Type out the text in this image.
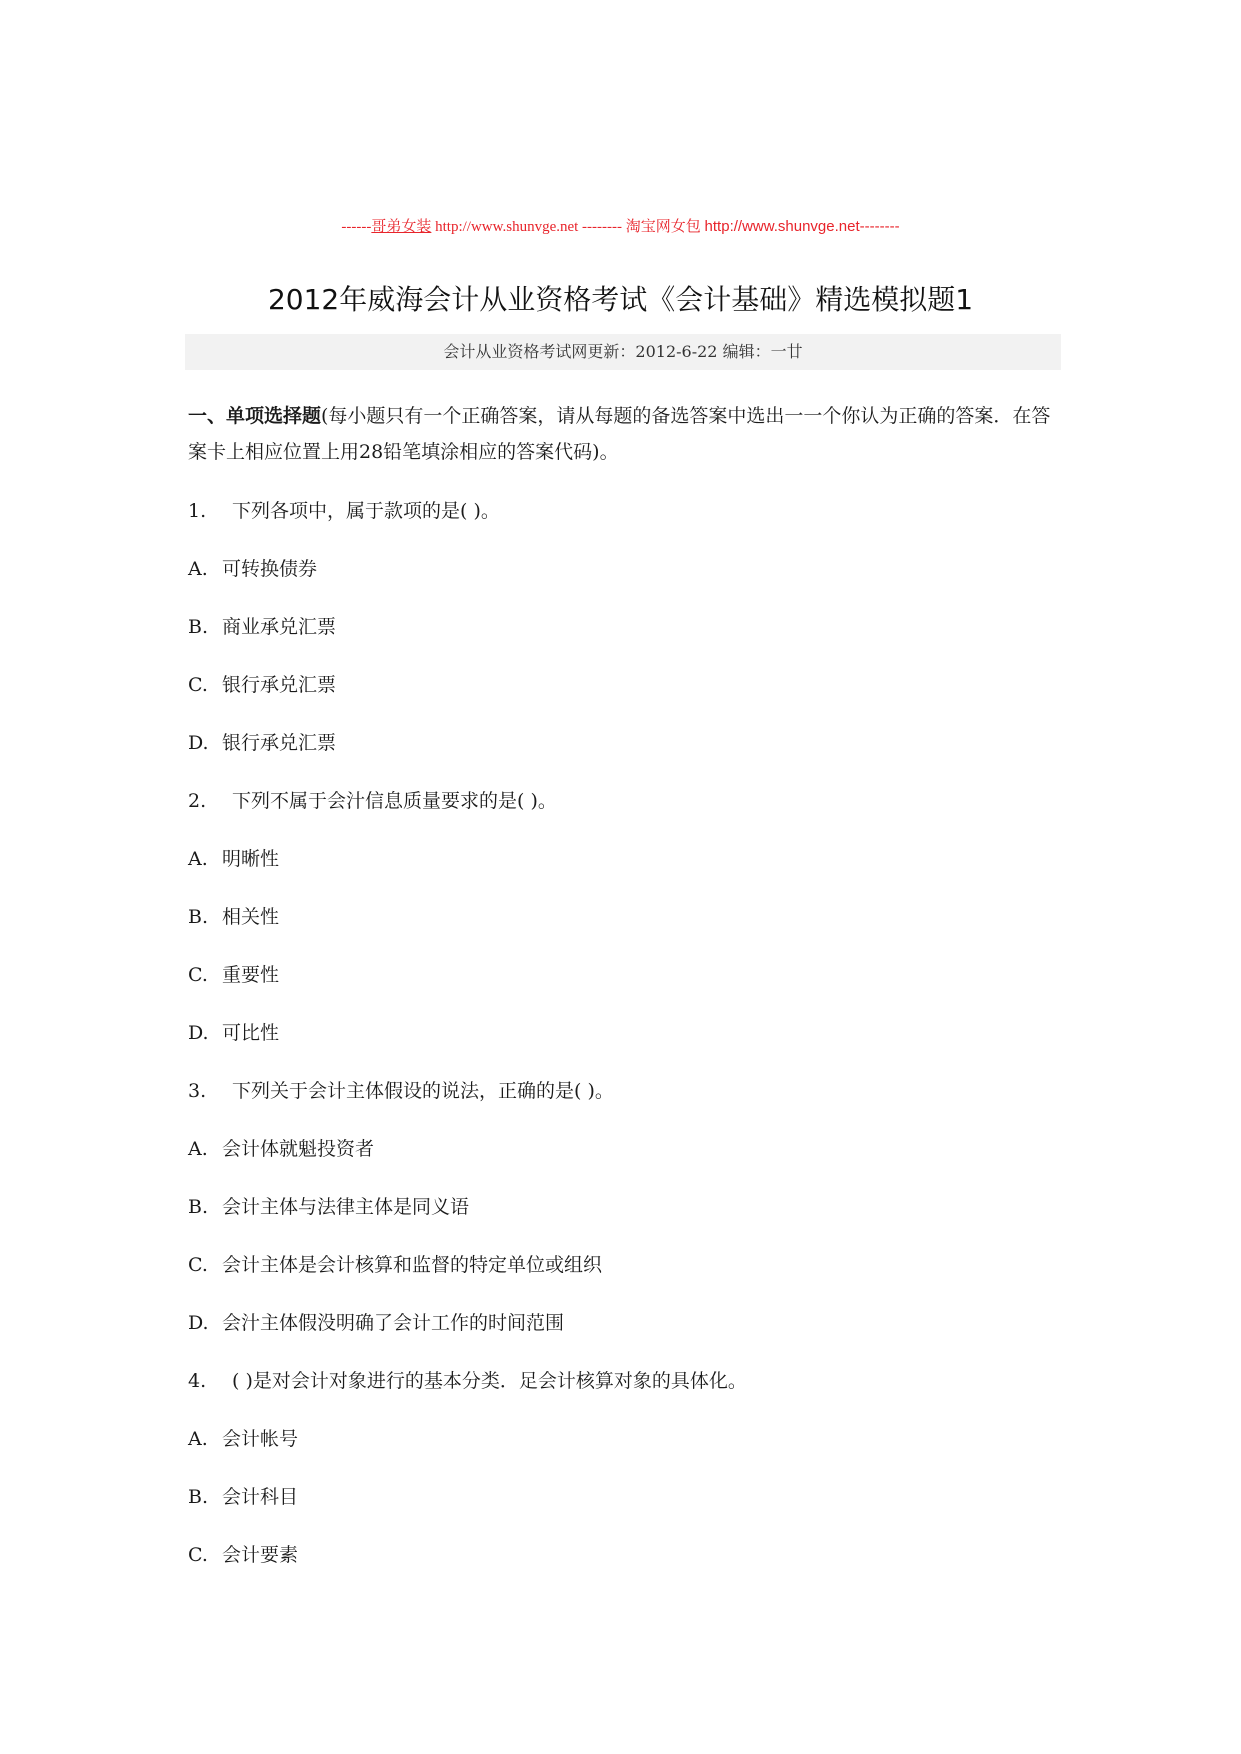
------哥弟女装 http://www.shunvge.net -------- 淘宝网女包 http://www.shunvge.net--------
2012年威海会计从业资格考试《会计基础》精选模拟题1
会计从业资格考试网更新：2012-6-22 编辑：一廿

一、单项选择题(每小题只有一个正确答案，请从每题的备选答案中选出一一个你认为正确的答案．在答案卡上相应位置上用28铅笔填涂相应的答案代码)。

1. 下列各项中，属于款项的是( )。
A. 可转换债券
B. 商业承兑汇票
C. 银行承兑汇票
D. 银行承兑汇票
2. 下列不属于会汁信息质量要求的是( )。
A. 明晰性
B. 相关性
C. 重要性
D. 可比性
3. 下列关于会计主体假设的说法，正确的是( )。
A. 会计体就魁投资者
B. 会计主体与法律主体是同义语
C. 会计主体是会计核算和监督的特定单位或组织
D. 会汁主体假没明确了会计工作的时间范围
4. ( )是对会计对象进行的基本分类．足会计核算对象的具体化。
A. 会计帐号
B. 会计科目
C. 会计要素
